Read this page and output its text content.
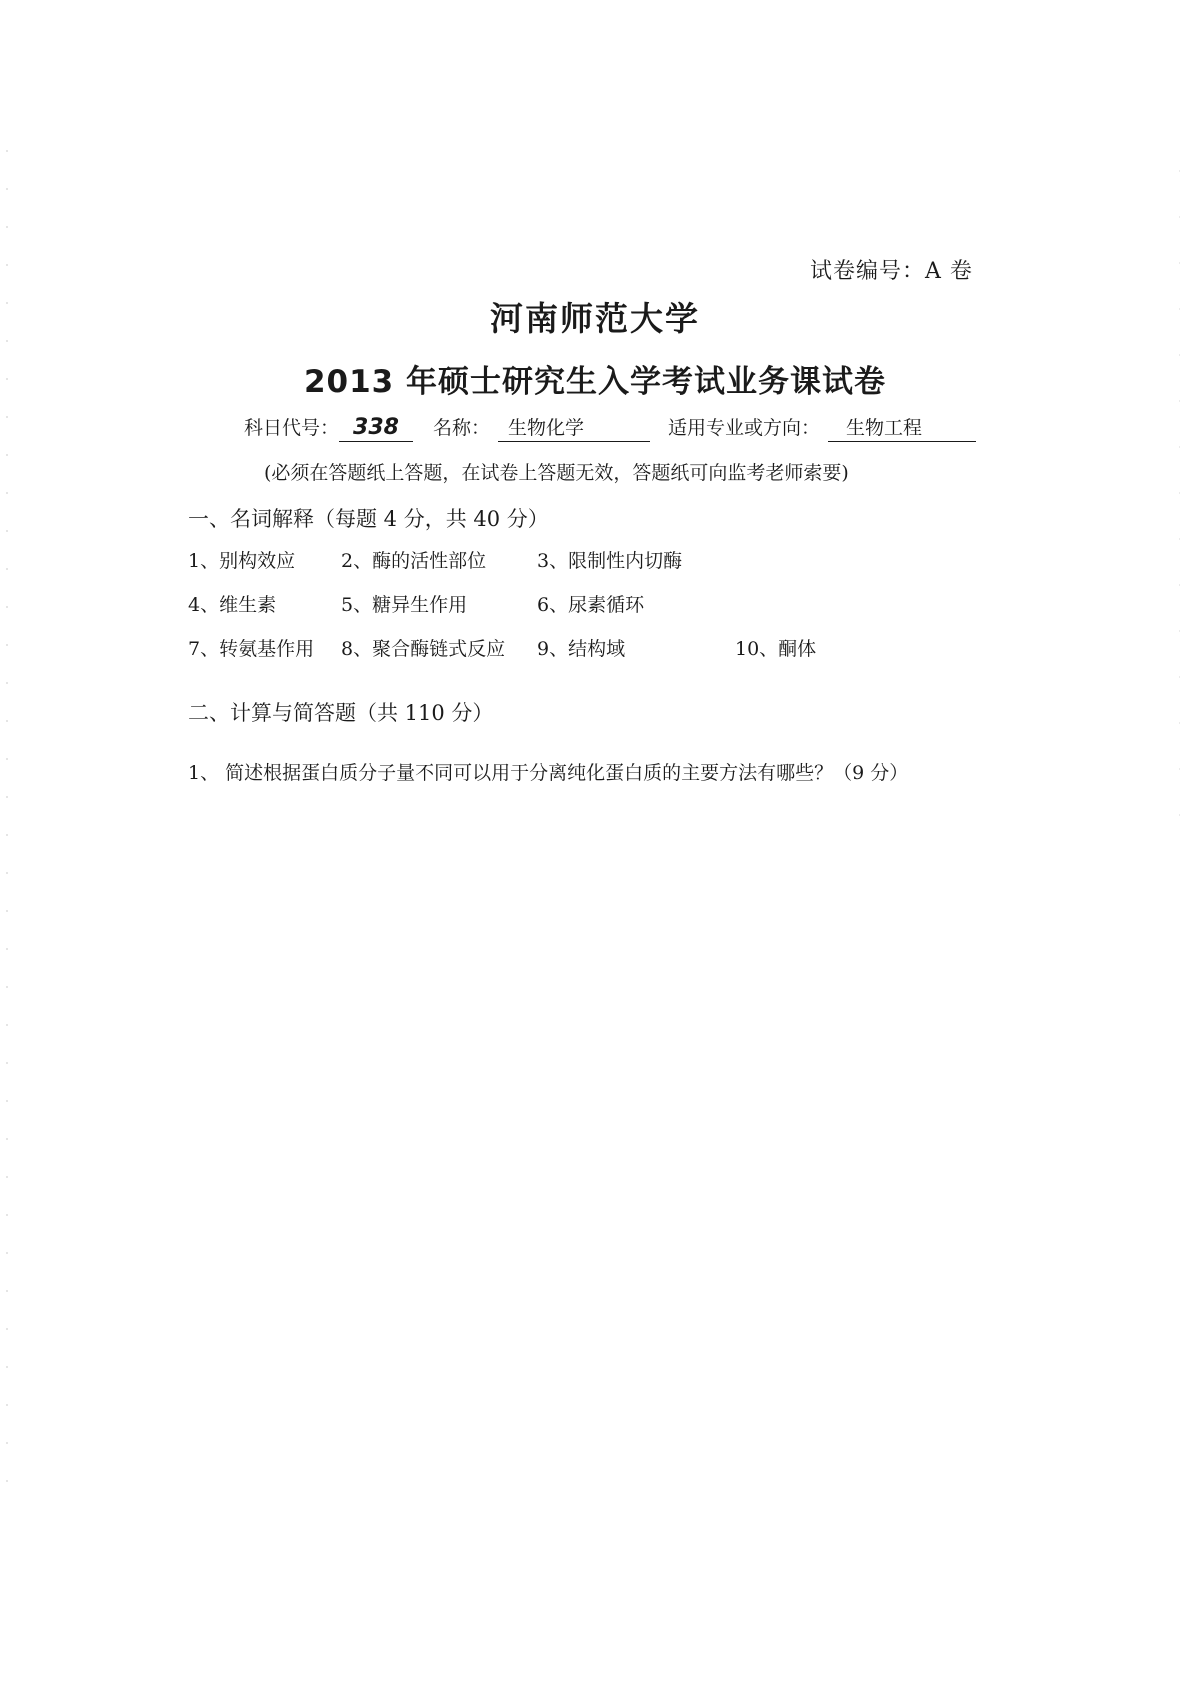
试卷编号：A 卷
河南师范大学
2013 年硕士研究生入学考试业务课试卷
科日代号： 338	名称： 生物化学	适用专业或方向：	生物工程
(必须在答题纸上答题，在试卷上答题无效，答题纸可向监考老师索要)
一、名词解释（每题 4 分，共 40 分）
1、别构效应 2、酶的活性部位	3、限制性内切酶
4、维生素	5、糖异生作用	6、尿素循环
7、转氨基作用 8、聚合酶链式反应 9、结构域	10、酮体
二、计算与简答题（共 110 分）
1、 简述根据蛋白质分子量不同可以用于分离纯化蛋白质的主要方法有哪些？（9 分）
